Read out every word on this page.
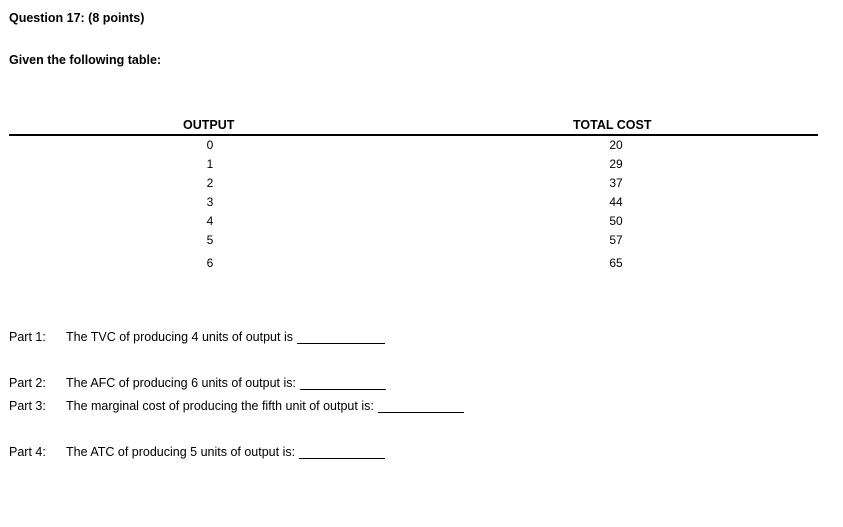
Question 17: (8 points)
Given the following table:
OUTPUT	TOTAL COST
0	20
1	29
2	37
3	44
4	50
5	57
6	65
Part 1:	The TVC of producing 4 units of output is
Part 2:	The AFC of producing 6 units of output is:
Part 3:	The marginal cost of producing the fifth unit of output is:
Part 4:	The ATC of producing 5 units of output is:
